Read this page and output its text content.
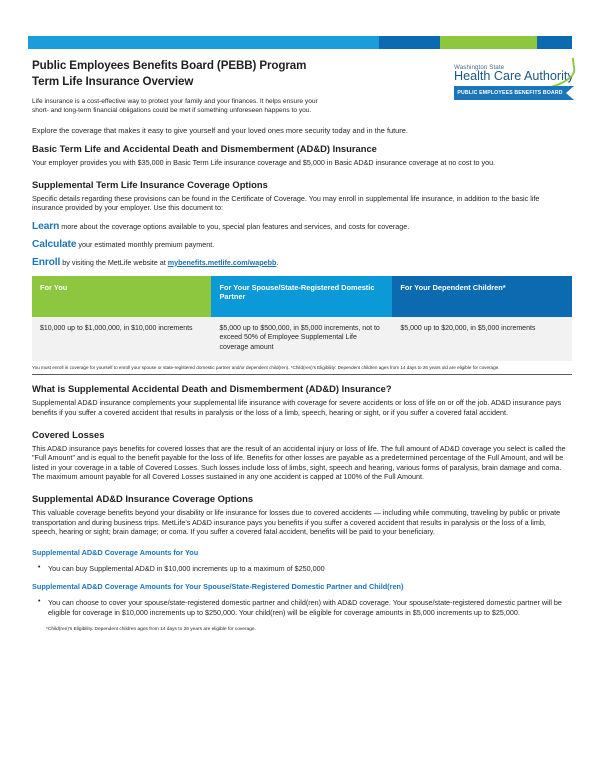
Public Employees Benefits Board (PEBB) Program
Term Life Insurance Overview

Life insurance is a cost-effective way to protect your family and your finances. It helps ensure your short- and long-term financial obligations could be met if something unforeseen happens to you.

Explore the coverage that makes it easy to give yourself and your loved ones more security today and in the future.

Washington State
Health Care Authority
PUBLIC EMPLOYEES BENEFITS BOARD
Basic Term Life and Accidental Death and Dismemberment (AD&D) Insurance

Your employer provides you with $35,000 in Basic Term Life insurance coverage and $5,000 in Basic AD&D insurance coverage at no cost to you.

Supplemental Term Life Insurance Coverage Options

Specific details regarding these provisions can be found in the Certificate of Coverage. You may enroll in supplemental life insurance, in addition to the basic life insurance provided by your employer. Use this document to:

Learn more about the coverage options available to you, special plan features and services, and costs for coverage.

Calculate your estimated monthly premium payment.

Enroll by visiting the MetLife website at mybenefits.metlife.com/wapebb.

For You	For Your Spouse/State-Registered Domestic Partner	For Your Dependent Children*
$10,000 up to $1,000,000, in $10,000 increments	$5,000 up to $500,000, in $5,000 increments, not to exceed 50% of Employee Supplemental Life coverage amount	$5,000 up to $20,000, in $5,000 increments

You must enroll in coverage for yourself to enroll your spouse or state-registered domestic partner and/or dependent child(ren). *Child(ren)'s Eligibility: Dependent children ages from 14 days to 26 years old are eligible for coverage.

What is Supplemental Accidental Death and Dismemberment (AD&D) Insurance?

Supplemental AD&D insurance complements your supplemental life insurance with coverage for severe accidents or loss of life on or off the job. AD&D insurance pays benefits if you suffer a covered accident that results in paralysis or the loss of a limb, speech, hearing or sight, or if you suffer a covered fatal accident.

Covered Losses

This AD&D insurance pays benefits for covered losses that are the result of an accidental injury or loss of life. The full amount of AD&D coverage you select is called the "Full Amount" and is equal to the benefit payable for the loss of life. Benefits for other losses are payable as a predetermined percentage of the Full Amount, and will be listed in your coverage in a table of Covered Losses. Such losses include loss of limbs, sight, speech and hearing, various forms of paralysis, brain damage and coma. The maximum amount payable for all Covered Losses sustained in any one accident is capped at 100% of the Full Amount.

Supplemental AD&D Insurance Coverage Options

This valuable coverage benefits beyond your disability or life insurance for losses due to covered accidents — including while commuting, traveling by public or private transportation and during business trips. MetLife's AD&D insurance pays you benefits if you suffer a covered accident that results in paralysis or the loss of a limb, speech, hearing or sight; brain damage; or coma. If you suffer a covered fatal accident, benefits will be paid to your beneficiary.

Supplemental AD&D Coverage Amounts for You
• You can buy Supplemental AD&D in $10,000 increments up to a maximum of $250,000
Supplemental AD&D Coverage Amounts for Your Spouse/State-Registered Domestic Partner and Child(ren)
• You can choose to cover your spouse/state-registered domestic partner and child(ren) with AD&D coverage. Your spouse/state-registered domestic partner will be eligible for coverage in $10,000 increments up to $250,000. Your child(ren) will be eligible for coverage amounts in $5,000 increments up to $25,000.

*Child(ren)'s Eligibility. Dependent children ages from 14 days to 26 years are eligible for coverage.
